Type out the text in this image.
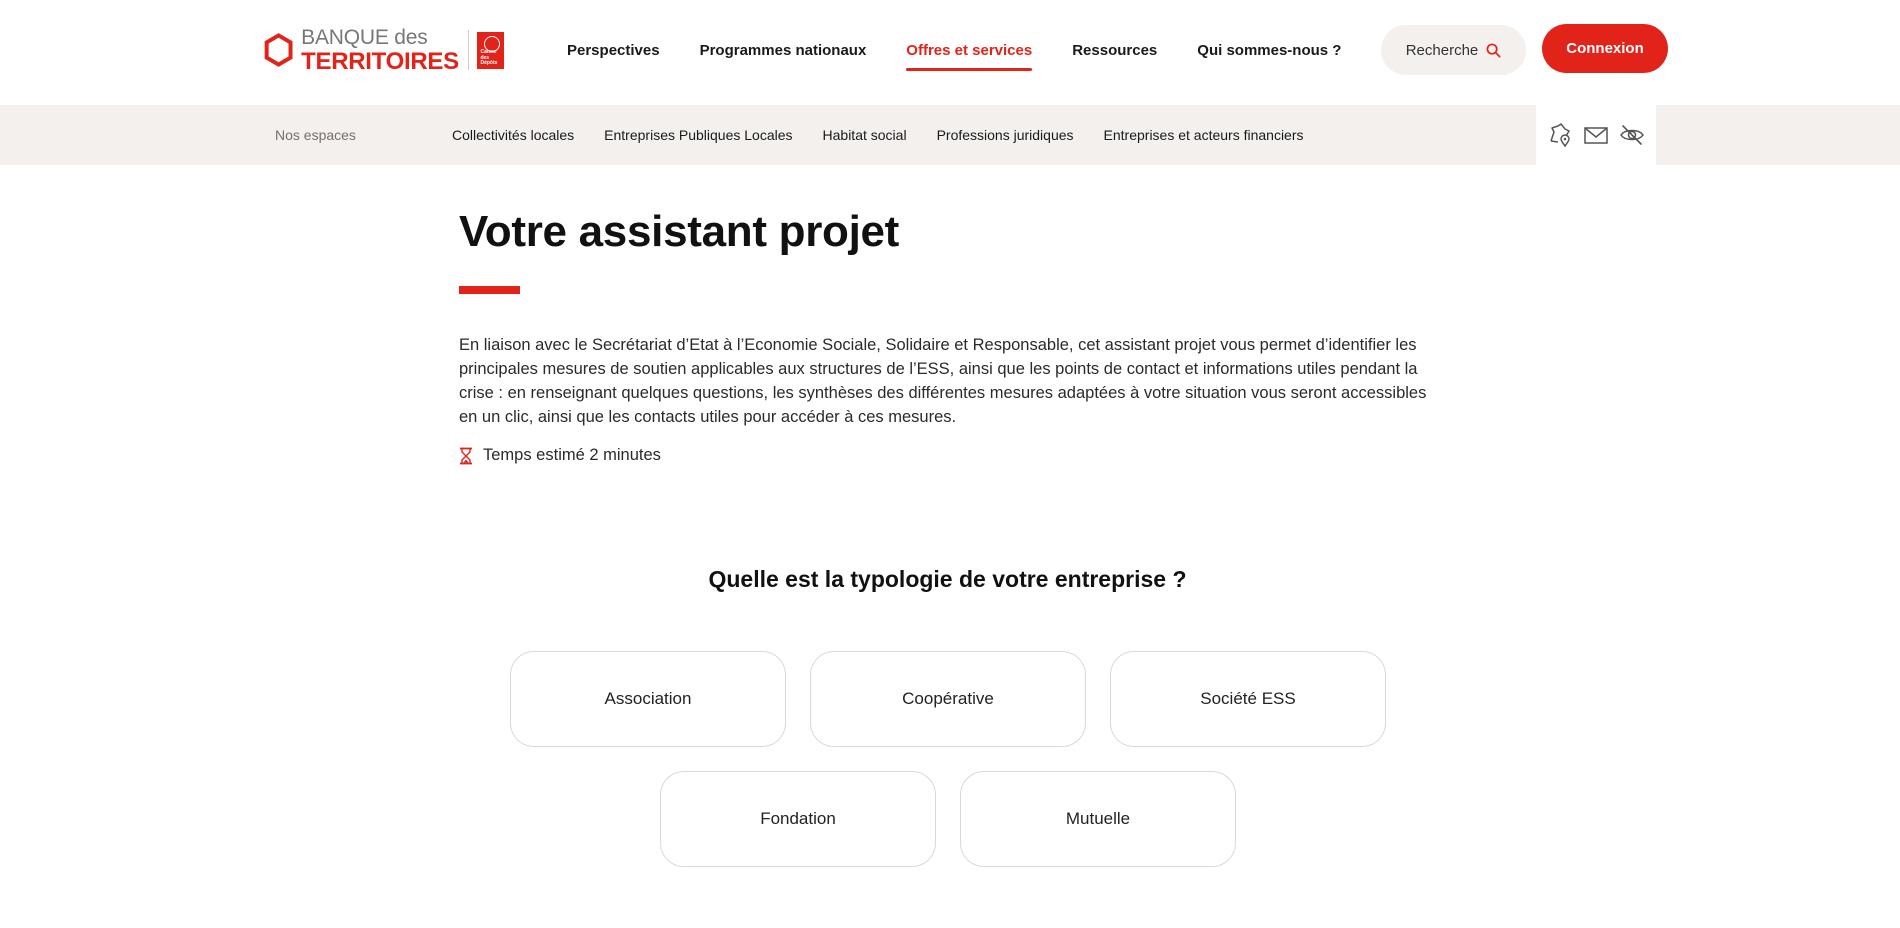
BANQUE des
TERRITOIRES	Caisse des Dépôts
Perspectives	Programmes nationaux	Offres et services	Ressources	Qui sommes-nous ?	Recherche	Connexion
Nos espaces	Collectivités locales Entreprises Publiques Locales Habitat social Professions juridiques Entreprises et acteurs financiers
Votre assistant projet

En liaison avec le Secrétariat d’Etat à l’Economie Sociale, Solidaire et Responsable, cet assistant projet vous permet d’identifier les principales mesures de soutien applicables aux structures de l’ESS, ainsi que les points de contact et informations utiles pendant la crise : en renseignant quelques questions, les synthèses des différentes mesures adaptées à votre situation vous seront accessibles en un clic, ainsi que les contacts utiles pour accéder à ces mesures.

Temps estimé 2 minutes
Quelle est la typologie de votre entreprise ?
Association	Coopérative	Société ESS
Fondation	Mutuelle
